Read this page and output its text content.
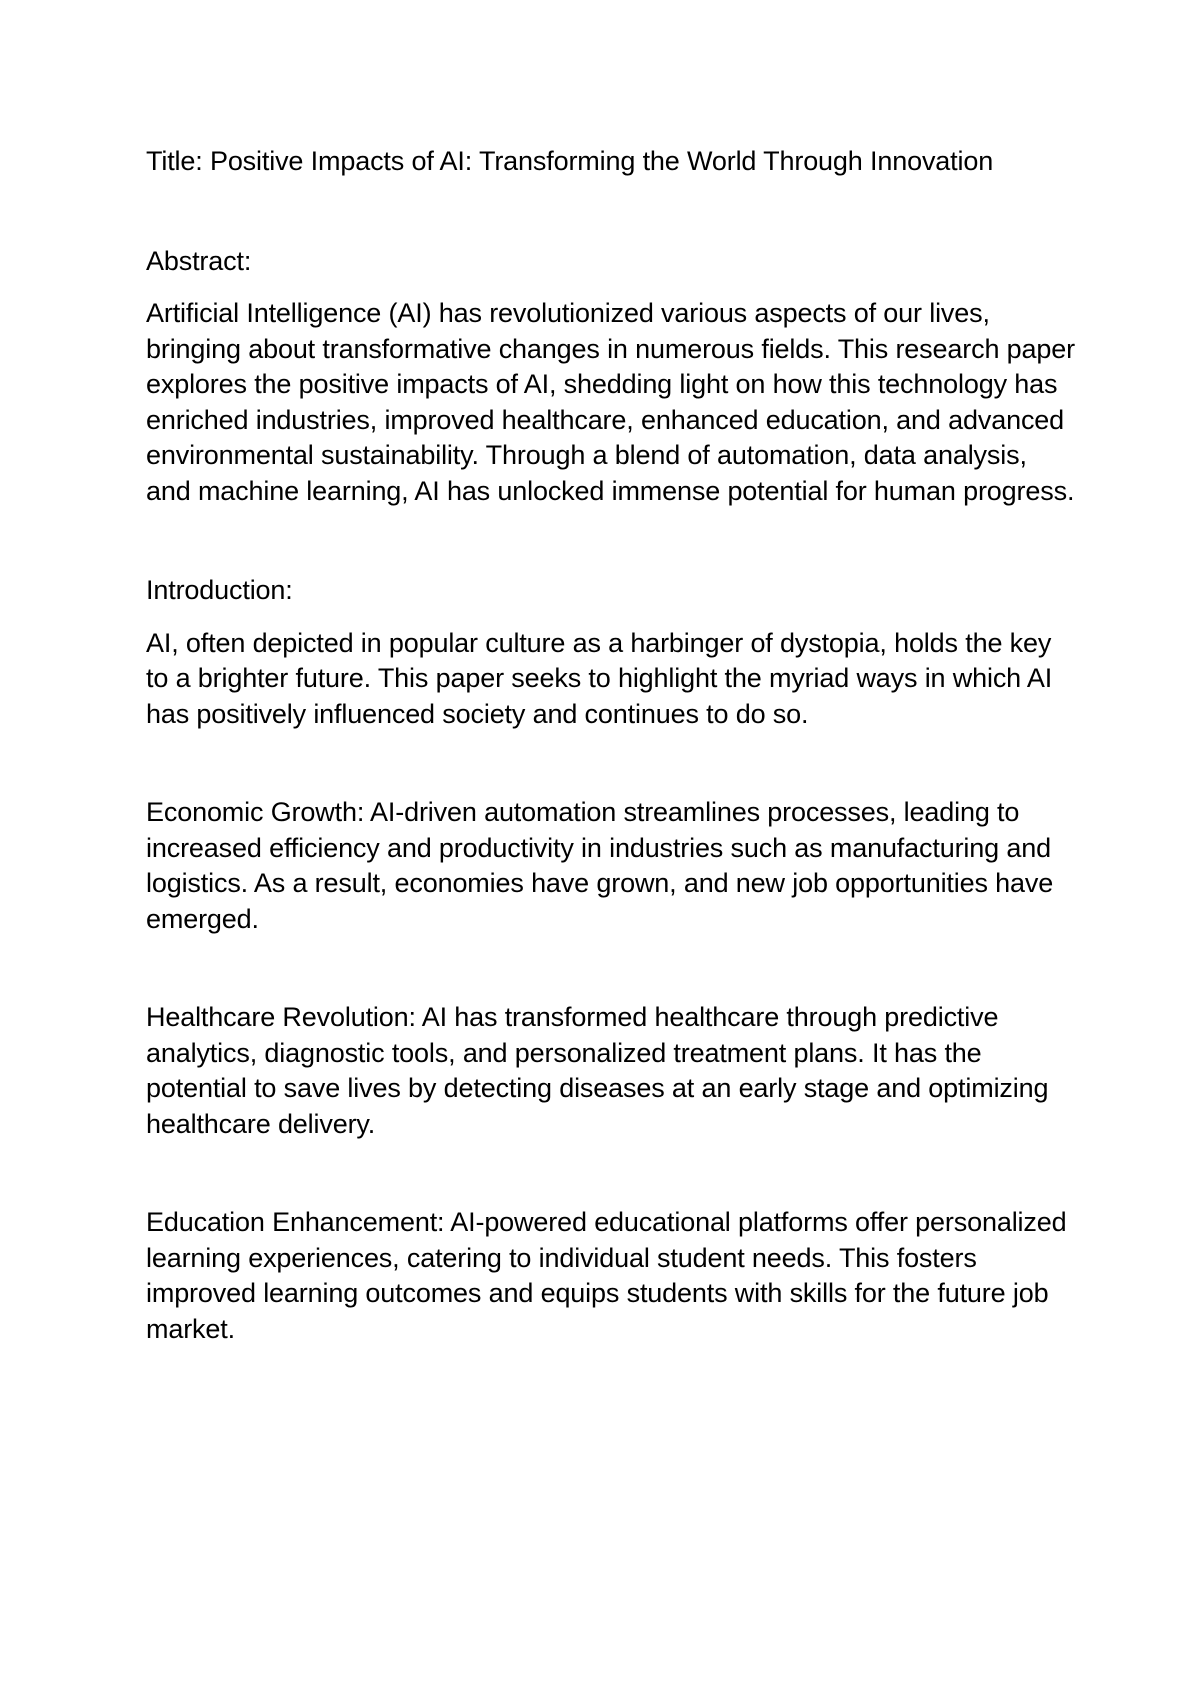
Title: Positive Impacts of AI: Transforming the World Through Innovation
Abstract:

Artificial Intelligence (AI) has revolutionized various aspects of our lives, bringing about transformative changes in numerous fields. This research paper explores the positive impacts of AI, shedding light on how this technology has enriched industries, improved healthcare, enhanced education, and advanced environmental sustainability. Through a blend of automation, data analysis, and machine learning, AI has unlocked immense potential for human progress.

Introduction:

AI, often depicted in popular culture as a harbinger of dystopia, holds the key to a brighter future. This paper seeks to highlight the myriad ways in which AI has positively influenced society and continues to do so.

Economic Growth: AI-driven automation streamlines processes, leading to increased efficiency and productivity in industries such as manufacturing and logistics. As a result, economies have grown, and new job opportunities have emerged.

Healthcare Revolution: AI has transformed healthcare through predictive analytics, diagnostic tools, and personalized treatment plans. It has the potential to save lives by detecting diseases at an early stage and optimizing healthcare delivery.

Education Enhancement: AI-powered educational platforms offer personalized learning experiences, catering to individual student needs. This fosters improved learning outcomes and equips students with skills for the future job market.
